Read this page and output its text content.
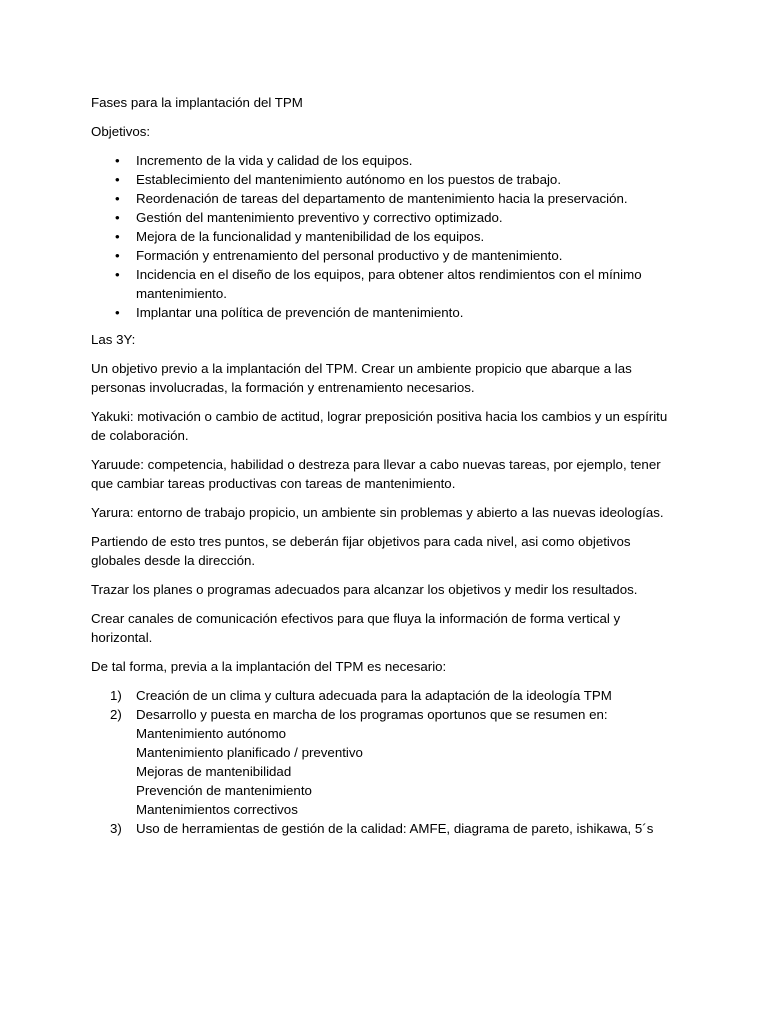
Fases para la implantación del TPM

Objetivos:

• Incremento de la vida y calidad de los equipos.
• Establecimiento del mantenimiento autónomo en los puestos de trabajo.
• Reordenación de tareas del departamento de mantenimiento hacia la preservación.
• Gestión del mantenimiento preventivo y correctivo optimizado.
• Mejora de la funcionalidad y mantenibilidad de los equipos.
• Formación y entrenamiento del personal productivo y de mantenimiento.
• Incidencia en el diseño de los equipos, para obtener altos rendimientos con el mínimo mantenimiento.
• Implantar una política de prevención de mantenimiento.

Las 3Y:

Un objetivo previo a la implantación del TPM. Crear un ambiente propicio que abarque a las personas involucradas, la formación y entrenamiento necesarios.

Yakuki: motivación o cambio de actitud, lograr preposición positiva hacia los cambios y un espíritu de colaboración.

Yaruude: competencia, habilidad o destreza para llevar a cabo nuevas tareas, por ejemplo, tener que cambiar tareas productivas con tareas de mantenimiento.

Yarura: entorno de trabajo propicio, un ambiente sin problemas y abierto a las nuevas ideologías.

Partiendo de esto tres puntos, se deberán fijar objetivos para cada nivel, asi como objetivos globales desde la dirección.

Trazar los planes o programas adecuados para alcanzar los objetivos y medir los resultados.

Crear canales de comunicación efectivos para que fluya la información de forma vertical y horizontal.

De tal forma, previa a la implantación del TPM es necesario:

1) Creación de un clima y cultura adecuada para la adaptación de la ideología TPM
2) Desarrollo y puesta en marcha de los programas oportunos que se resumen en:
Mantenimiento autónomo
Mantenimiento planificado / preventivo
Mejoras de mantenibilidad
Prevención de mantenimiento
Mantenimientos correctivos
3) Uso de herramientas de gestión de la calidad: AMFE, diagrama de pareto, ishikawa, 5´s
